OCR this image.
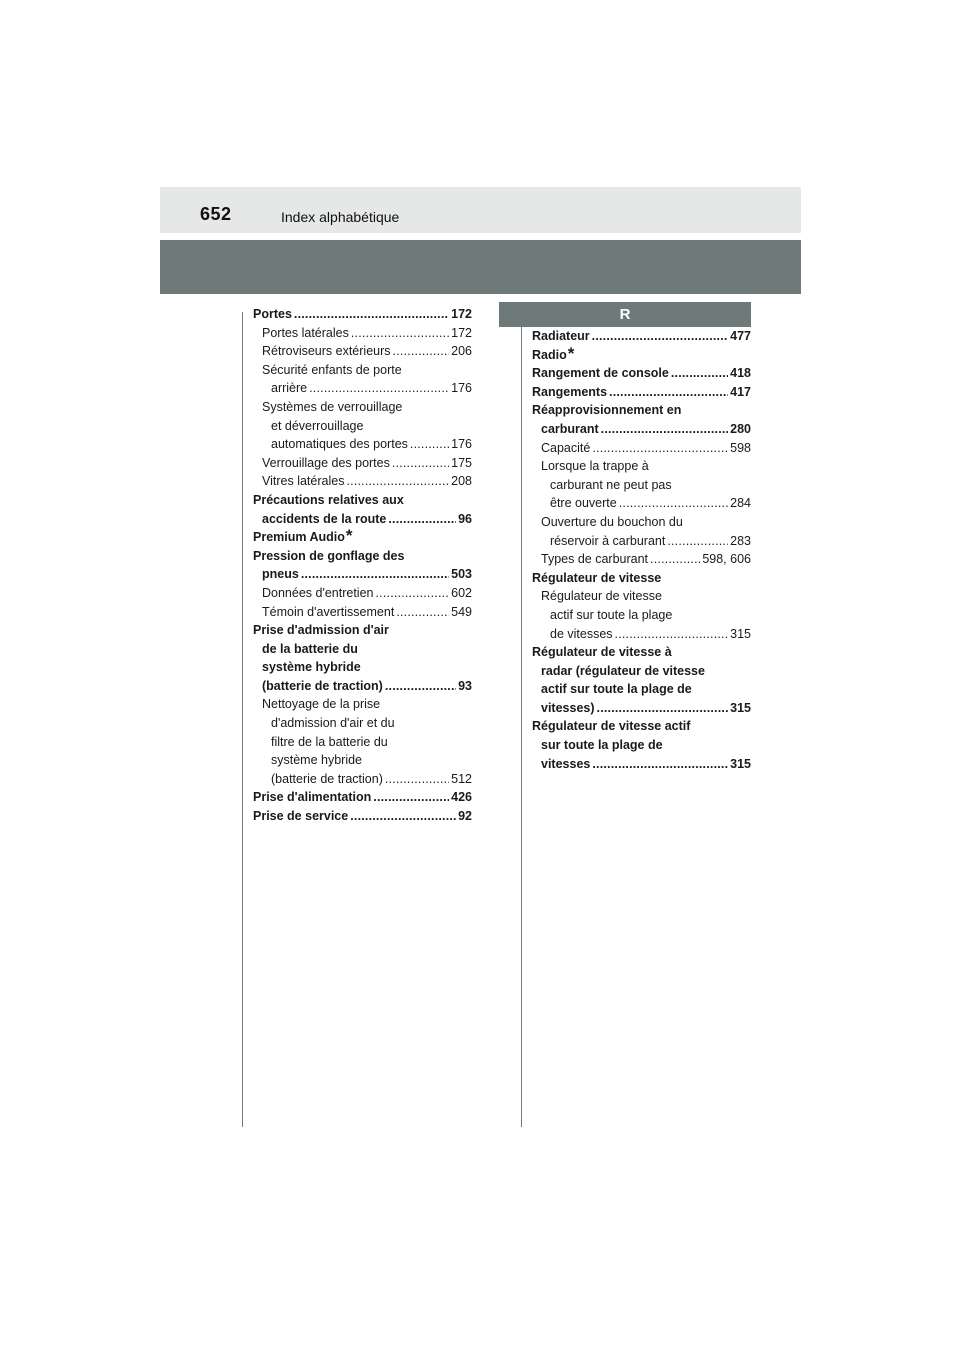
652	Index alphabétique
R
Portes .....	172
Portes latérales .....	172
Rétroviseurs extérieurs .....	206
Sécurité enfants de porte
arrière .....	176
Systèmes de verrouillage
et déverrouillage
automatiques des portes .....	176
Verrouillage des portes .....	175
Vitres latérales .....	208
Précautions relatives aux
accidents de la route .....	96
Premium Audio *
Pression de gonflage des
pneus .....	503
Données d'entretien .....	602
Témoin d'avertissement .....	549
Prise d'admission d'air
de la batterie du
système hybride
(batterie de traction) .....	93
Nettoyage de la prise
d'admission d'air et du
filtre de la batterie du
système hybride
(batterie de traction) .....	512
Prise d'alimentation .....	426
Prise de service .....	92
Radiateur .....	477
Radio *
Rangement de console .....	418
Rangements .....	417
Réapprovisionnement en
carburant .....	280
Capacité .....	598
Lorsque la trappe à
carburant ne peut pas
être ouverte .....	284
Ouverture du bouchon du
réservoir à carburant .....	283
Types de carburant .....	598, 606
Régulateur de vitesse
Régulateur de vitesse
actif sur toute la plage
de vitesses .....	315
Régulateur de vitesse à
radar (régulateur de vitesse
actif sur toute la plage de
vitesses) .....	315
Régulateur de vitesse actif
sur toute la plage de
vitesses .....	315
